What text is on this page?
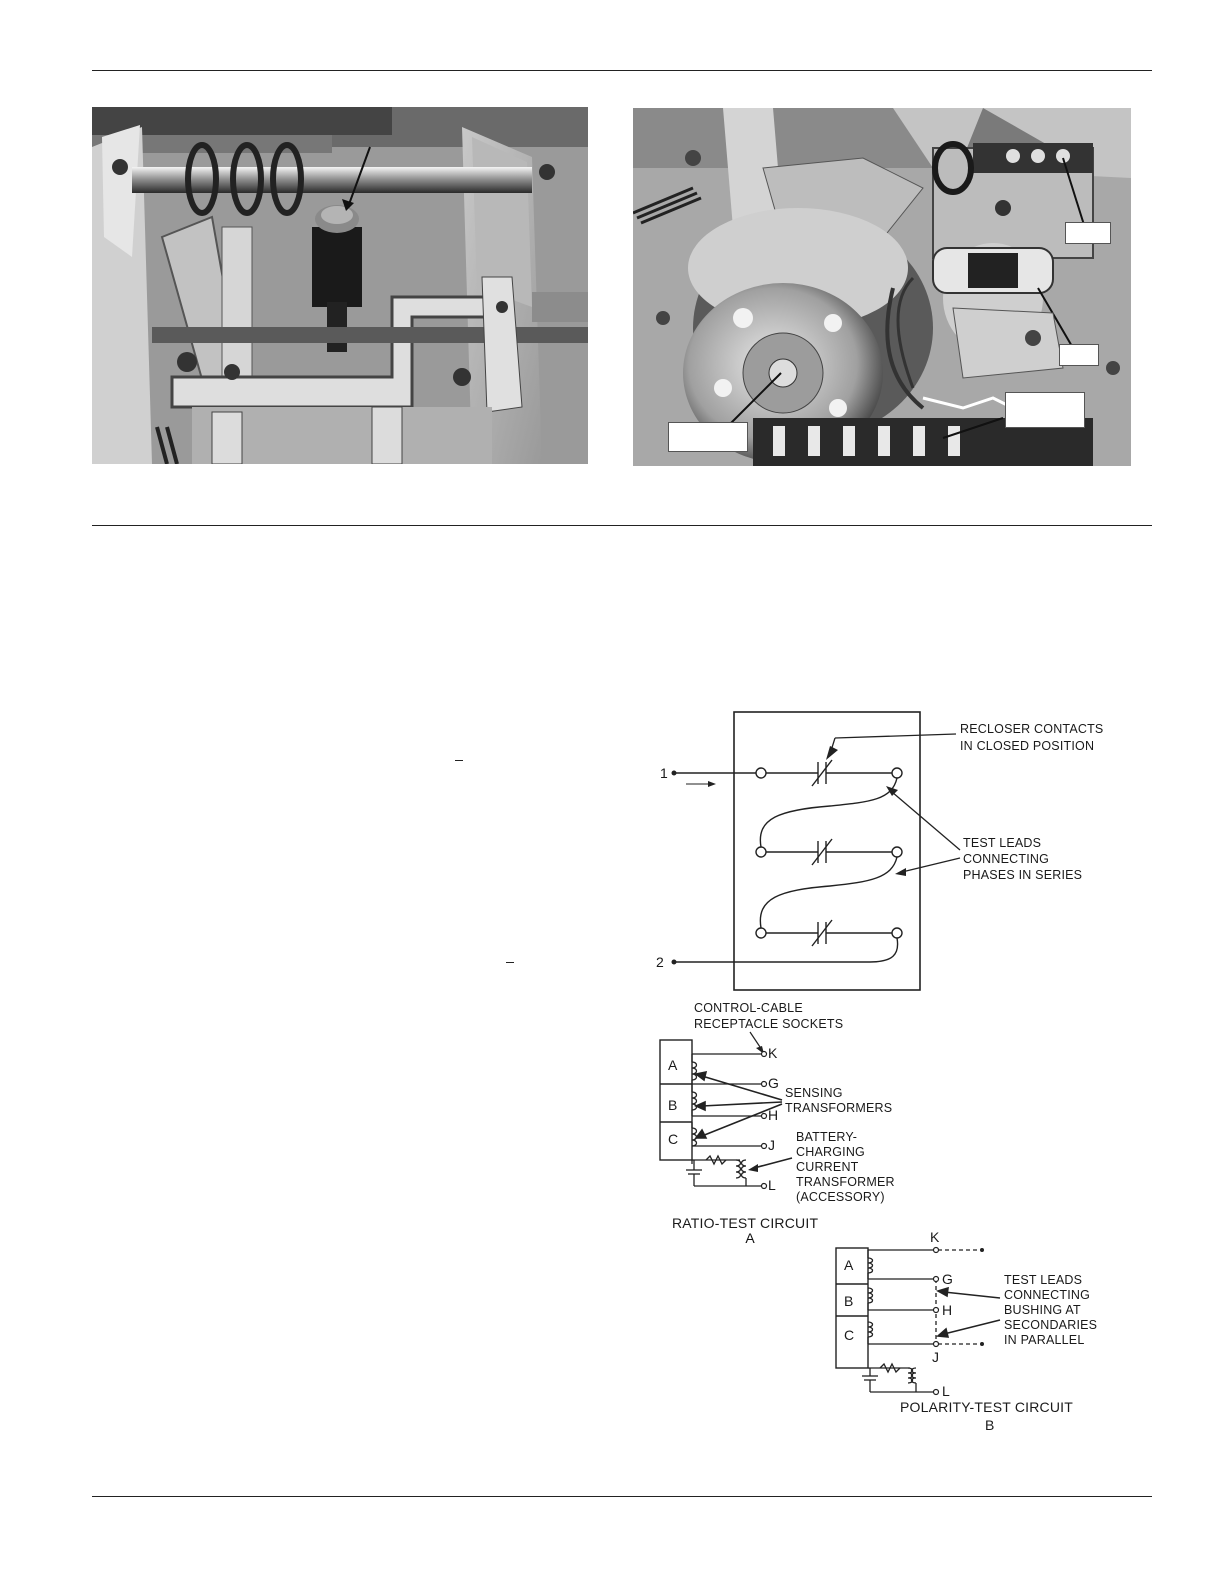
1
2
RECLOSER CONTACTS
IN CLOSED POSITION
TEST LEADS
CONNECTING
PHASES IN SERIES
CONTROL-CABLE
RECEPTACLE SOCKETS
A
B
C
K
G
H
J
L
SENSING
TRANSFORMERS
BATTERY-
CHARGING
CURRENT
TRANSFORMER
(ACCESSORY)
RATIO-TEST CIRCUIT
A
A
B
C
K
G
H
J
L
TEST LEADS
CONNECTING
BUSHING AT
SECONDARIES
IN PARALLEL
POLARITY-TEST CIRCUIT
B
